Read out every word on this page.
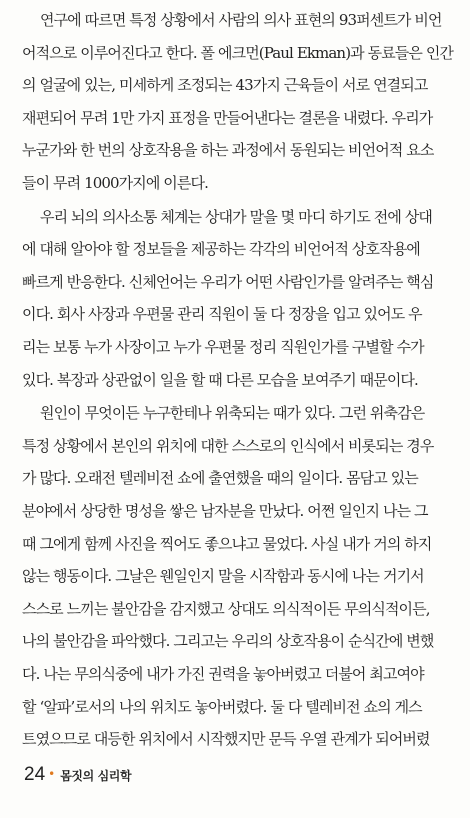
연구에 따르면 특정 상황에서 사람의 의사 표현의 93퍼센트가 비언
어적으로 이루어진다고 한다. 폴 에크먼(Paul Ekman)과 동료들은 인간
의 얼굴에 있는, 미세하게 조정되는 43가지 근육들이 서로 연결되고
재편되어 무려 1만 가지 표정을 만들어낸다는 결론을 내렸다. 우리가
누군가와 한 번의 상호작용을 하는 과정에서 동원되는 비언어적 요소
들이 무려 1000가지에 이른다.
우리 뇌의 의사소통 체계는 상대가 말을 몇 마디 하기도 전에 상대
에 대해 알아야 할 정보들을 제공하는 각각의 비언어적 상호작용에
빠르게 반응한다. 신체언어는 우리가 어떤 사람인가를 알려주는 핵심
이다. 회사 사장과 우편물 관리 직원이 둘 다 정장을 입고 있어도 우
리는 보통 누가 사장이고 누가 우편물 정리 직원인가를 구별할 수가
있다. 복장과 상관없이 일을 할 때 다른 모습을 보여주기 때문이다.
원인이 무엇이든 누구한테나 위축되는 때가 있다. 그런 위축감은
특정 상황에서 본인의 위치에 대한 스스로의 인식에서 비롯되는 경우
가 많다. 오래전 텔레비전 쇼에 출연했을 때의 일이다. 몸담고 있는
분야에서 상당한 명성을 쌓은 남자분을 만났다. 어쩐 일인지 나는 그
때 그에게 함께 사진을 찍어도 좋으냐고 물었다. 사실 내가 거의 하지
않는 행동이다. 그날은 웬일인지 말을 시작함과 동시에 나는 거기서
스스로 느끼는 불안감을 감지했고 상대도 의식적이든 무의식적이든,
나의 불안감을 파악했다. 그리고는 우리의 상호작용이 순식간에 변했
다. 나는 무의식중에 내가 가진 권력을 놓아버렸고 더불어 최고여야
할 ‘알파’로서의 나의 위치도 놓아버렸다. 둘 다 텔레비전 쇼의 게스
트였으므로 대등한 위치에서 시작했지만 문득 우열 관계가 되어버렸
24 • 몸짓의 심리학
